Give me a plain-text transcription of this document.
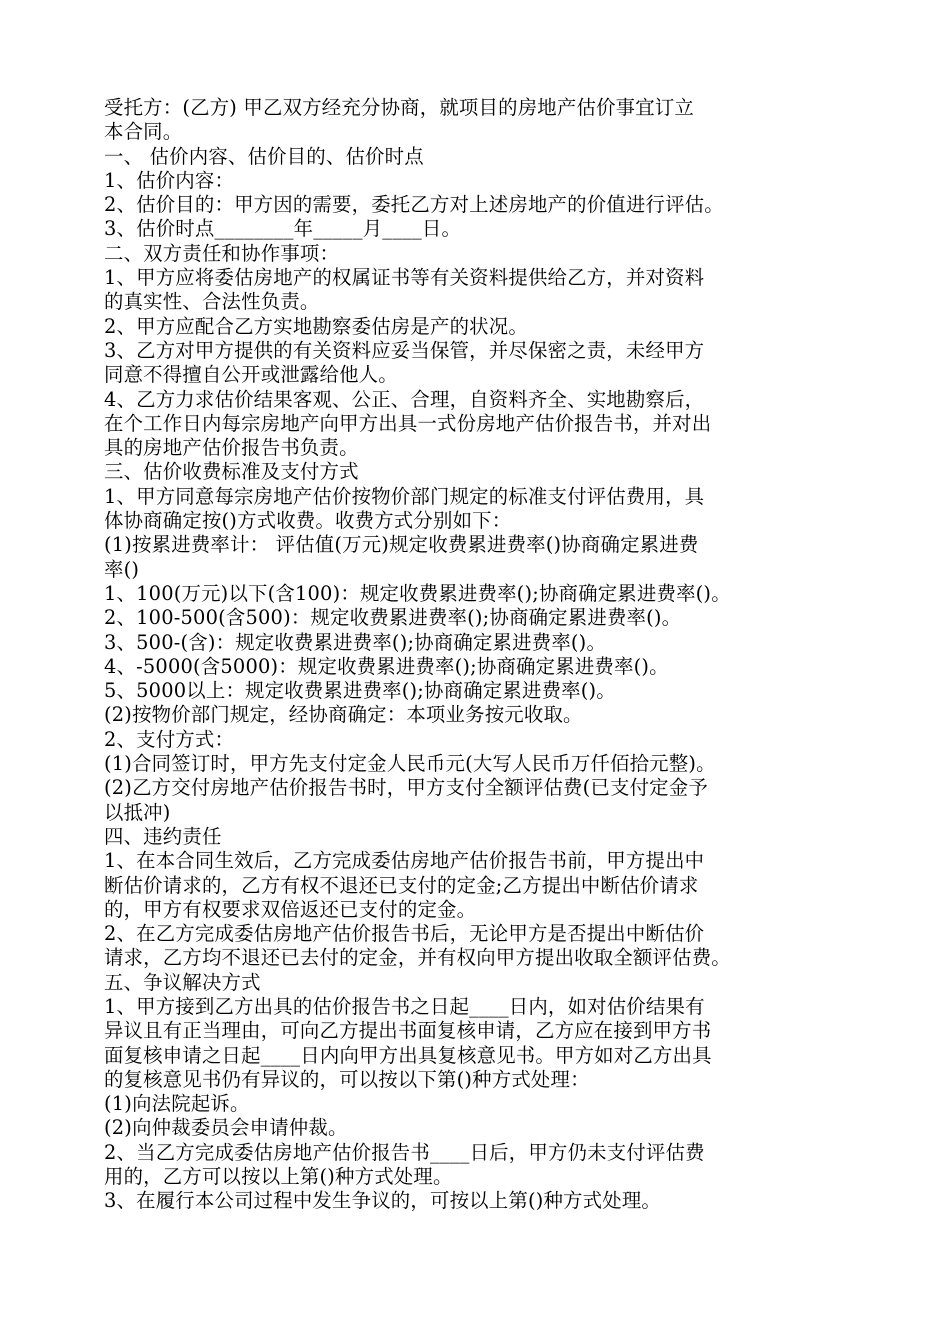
受托方：(乙方) 甲乙双方经充分协商，就项目的房地产估价事宜订立
本合同。
一、 估价内容、估价目的、估价时点
1、估价内容：
2、估价目的：甲方因的需要，委托乙方对上述房地产的价值进行评估。
3、估价时点________年_____月____日。
二、双方责任和协作事项：
1、甲方应将委估房地产的权属证书等有关资料提供给乙方，并对资料
的真实性、合法性负责。
2、甲方应配合乙方实地勘察委估房是产的状况。
3、乙方对甲方提供的有关资料应妥当保管，并尽保密之责，未经甲方
同意不得擅自公开或泄露给他人。
4、乙方力求估价结果客观、公正、合理，自资料齐全、实地勘察后，
在个工作日内每宗房地产向甲方出具一式份房地产估价报告书，并对出
具的房地产估价报告书负责。
三、估价收费标准及支付方式
1、甲方同意每宗房地产估价按物价部门规定的标准支付评估费用，具
体协商确定按()方式收费。收费方式分别如下：
(1)按累进费率计： 评估值(万元)规定收费累进费率()协商确定累进费
率()
1、100(万元)以下(含100)：规定收费累进费率();协商确定累进费率()。
2、100-500(含500)：规定收费累进费率();协商确定累进费率()。
3、500-(含)：规定收费累进费率();协商确定累进费率()。
4、-5000(含5000)：规定收费累进费率();协商确定累进费率()。
5、5000以上：规定收费累进费率();协商确定累进费率()。
(2)按物价部门规定，经协商确定：本项业务按元收取。
2、支付方式：
(1)合同签订时，甲方先支付定金人民币元(大写人民币万仟佰拾元整)。
(2)乙方交付房地产估价报告书时，甲方支付全额评估费(已支付定金予
以抵冲)
四、违约责任
1、在本合同生效后，乙方完成委估房地产估价报告书前，甲方提出中
断估价请求的，乙方有权不退还已支付的定金;乙方提出中断估价请求
的，甲方有权要求双倍返还已支付的定金。
2、在乙方完成委估房地产估价报告书后，无论甲方是否提出中断估价
请求，乙方均不退还已去付的定金，并有权向甲方提出收取全额评估费。
五、争议解决方式
1、甲方接到乙方出具的估价报告书之日起____日内，如对估价结果有
异议且有正当理由，可向乙方提出书面复核申请，乙方应在接到甲方书
面复核申请之日起____日内向甲方出具复核意见书。甲方如对乙方出具
的复核意见书仍有异议的，可以按以下第()种方式处理：
(1)向法院起诉。
(2)向仲裁委员会申请仲裁。
2、当乙方完成委估房地产估价报告书____日后，甲方仍未支付评估费
用的，乙方可以按以上第()种方式处理。
3、在履行本公司过程中发生争议的，可按以上第()种方式处理。
